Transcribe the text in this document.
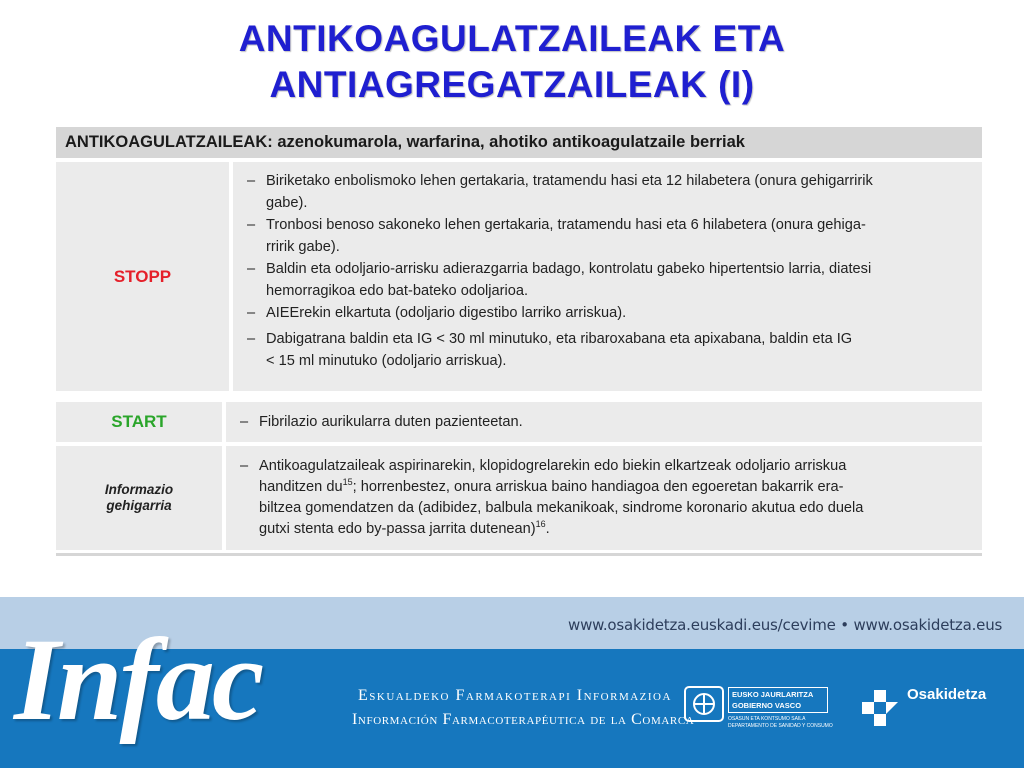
ANTIKOAGULATZAILEAK ETA
ANTIAGREGATZAILEAK (I)
ANTIKOAGULATZAILEAK: azenokumarola, warfarina, ahotiko antikoagulatzaile berriak
STOPP
– Biriketako enbolismoko lehen gertakaria, tratamendu hasi eta 12 hilabetera (onura gehigarririk
gabe).
– Tronbosi benoso sakoneko lehen gertakaria, tratamendu hasi eta 6 hilabetera (onura gehiga-
rririk gabe).
– Baldin eta odoljario-arrisku adierazgarria badago, kontrolatu gabeko hipertentsio larria, diatesi
hemorragikoa edo bat-bateko odoljarioa.
– AIEErekin elkartuta (odoljario digestibo larriko arriskua).
– Dabigatrana baldin eta IG < 30 ml minutuko, eta ribaroxabana eta apixabana, baldin eta IG
< 15 ml minutuko (odoljario arriskua).
START	– Fibrilazio aurikularra duten pazienteetan.
Informazio
gehigarria
– Antikoagulatzaileak aspirinarekin, klopidogrelarekin edo biekin elkartzeak odoljario arriskua
handitzen $du^{15}$; horrenbestez, onura arriskua baino handiagoa den egoeretan bakarrik era-
biltzea gomendatzen da (adibidez, balbula mekanikoak, sindrome koronario akutua edo duela
gutxi stenta edo by-passa jarrita dutenean)$^{16}$.
www.osakidetza.euskadi.eus/cevime • www.osakidetza.eus
Infac	Eskualdeko Farmakoterapi Informazioa
Información Farmacoterapéutica de la Comarca
EUSKO JAURLARITZA
GOBIERNO VASCO
OSASUN ETA KONTSUMO SAILA
DEPARTAMENTO DE SANIDAD Y CONSUMO
Osakidetza
